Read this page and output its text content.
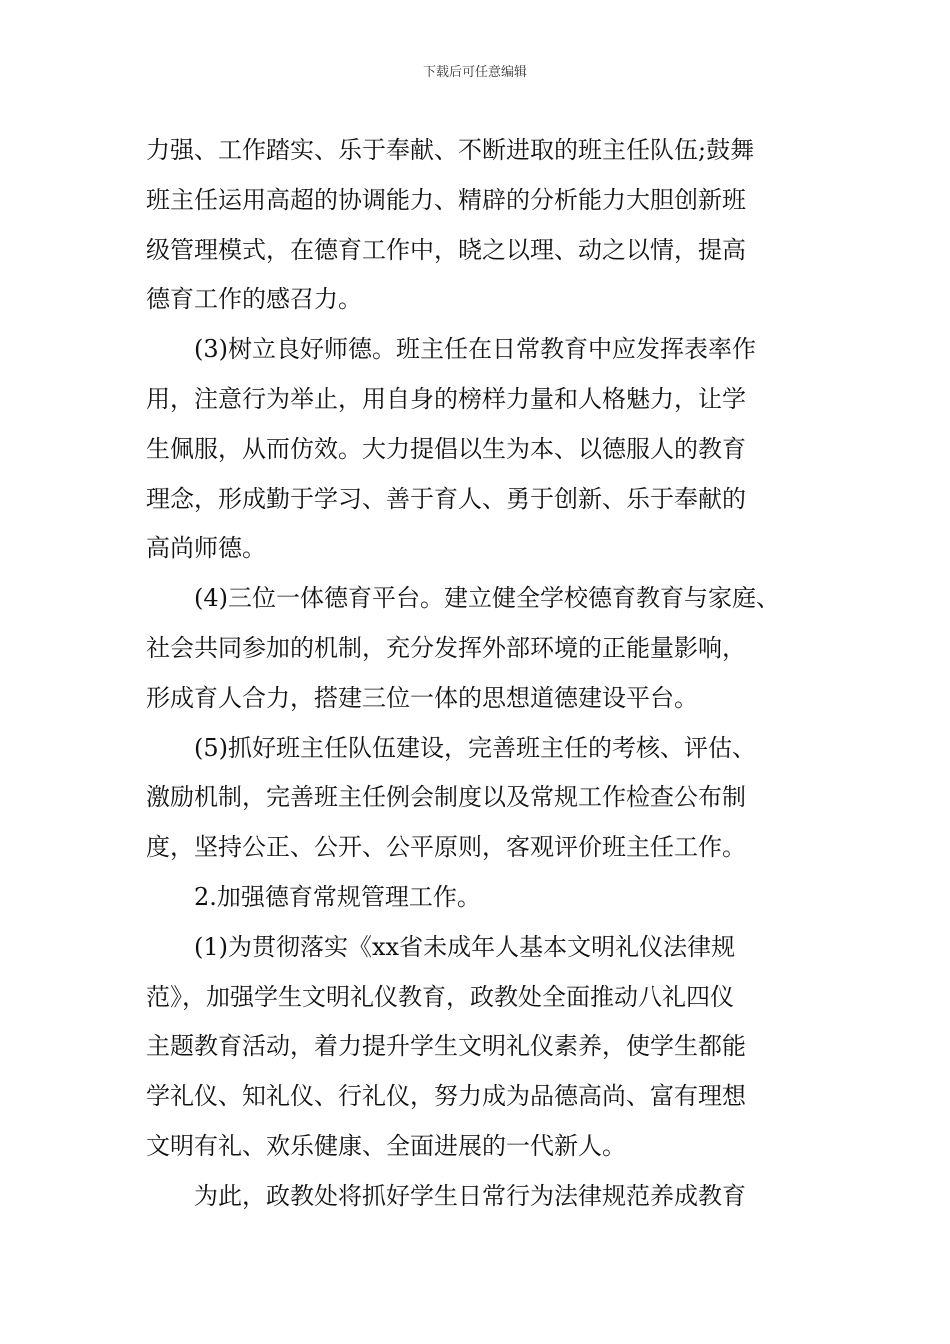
下载后可任意编辑
力强、工作踏实、乐于奉献、不断进取的班主任队伍;鼓舞
班主任运用高超的协调能力、精辟的分析能力大胆创新班
级管理模式，在德育工作中，晓之以理、动之以情，提高
德育工作的感召力。
(3)树立良好师德。班主任在日常教育中应发挥表率作
用，注意行为举止，用自身的榜样力量和人格魅力，让学
生佩服，从而仿效。大力提倡以生为本、以德服人的教育
理念，形成勤于学习、善于育人、勇于创新、乐于奉献的
高尚师德。
(4)三位一体德育平台。建立健全学校德育教育与家庭、
社会共同参加的机制，充分发挥外部环境的正能量影响，
形成育人合力，搭建三位一体的思想道德建设平台。
(5)抓好班主任队伍建设，完善班主任的考核、评估、
激励机制，完善班主任例会制度以及常规工作检查公布制
度，坚持公正、公开、公平原则，客观评价班主任工作。
2.加强德育常规管理工作。
(1)为贯彻落实《xx省未成年人基本文明礼仪法律规
范》，加强学生文明礼仪教育，政教处全面推动八礼四仪
主题教育活动，着力提升学生文明礼仪素养，使学生都能
学礼仪、知礼仪、行礼仪，努力成为品德高尚、富有理想
文明有礼、欢乐健康、全面进展的一代新人。
为此，政教处将抓好学生日常行为法律规范养成教育
